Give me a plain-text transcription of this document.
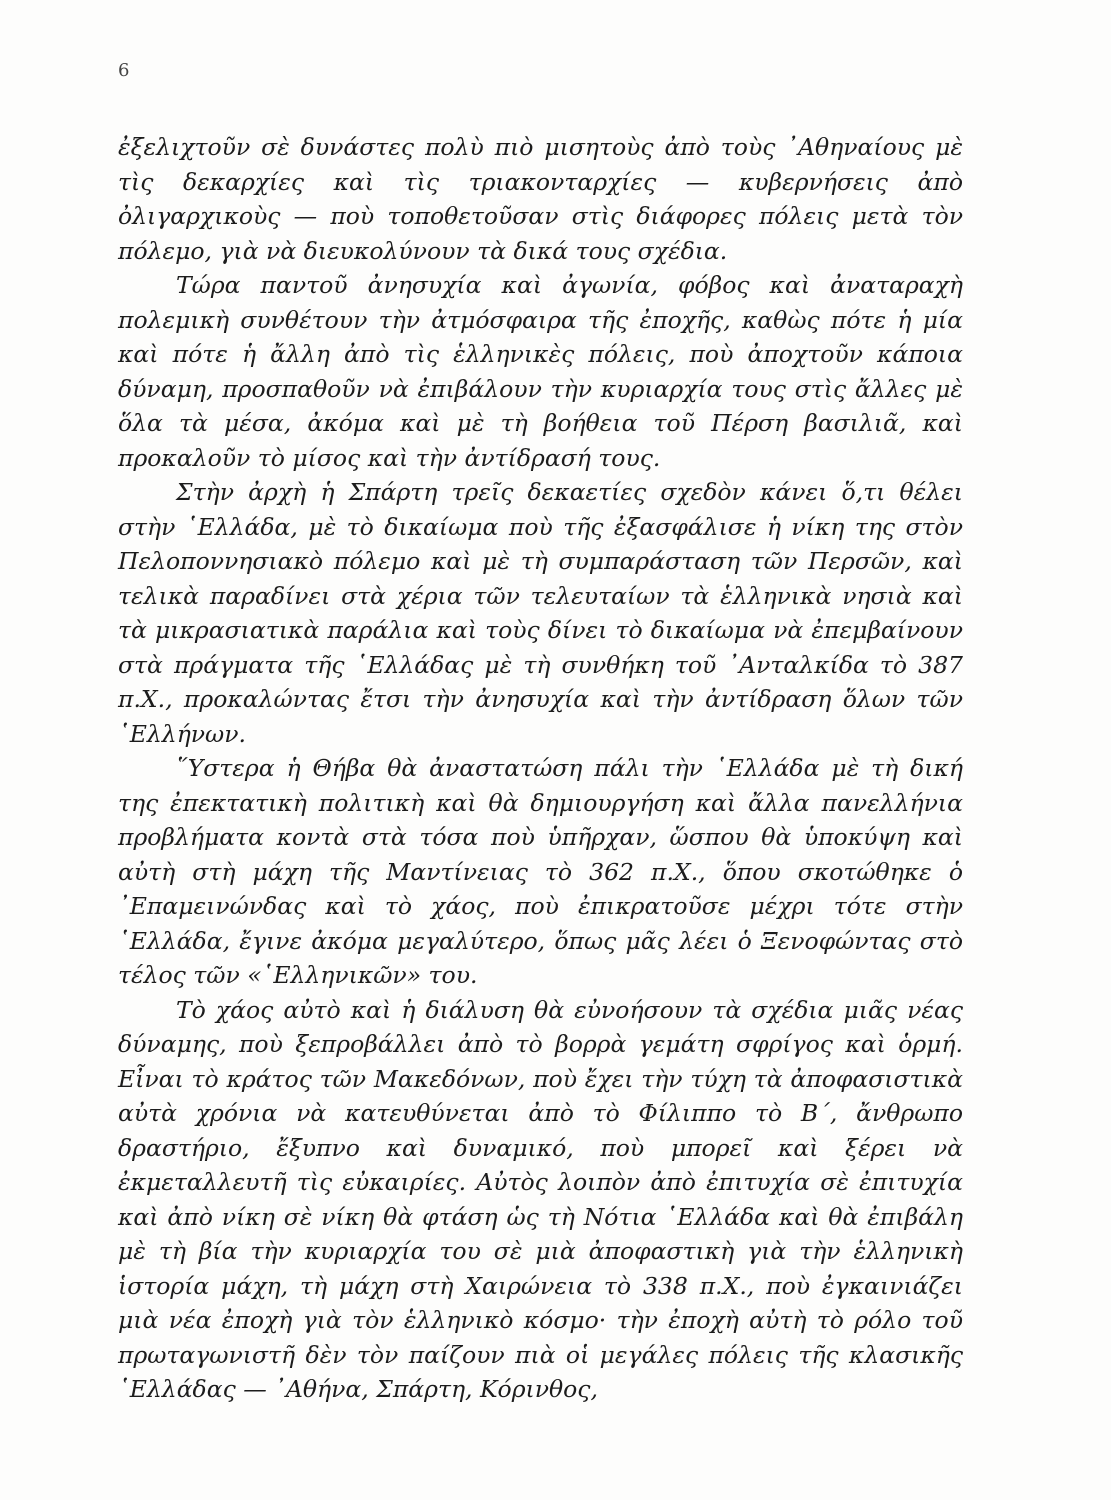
6

ἐξελιχτοῦν σὲ δυνάστες πολὺ πιὸ μισητοὺς ἀπὸ τοὺς ᾿Αθηναίους μὲ τὶς δεκαρχίες καὶ τὶς τριακονταρχίες — κυβερνήσεις ἀπὸ ὀλιγαρχικοὺς — ποὺ τοποθετοῦσαν στὶς διάφορες πόλεις μετὰ τὸν πόλεμο, γιὰ νὰ διευκολύνουν τὰ δικά τους σχέδια.

Τώρα παντοῦ ἀνησυχία καὶ ἀγωνία, φόβος καὶ ἀναταραχὴ πολεμικὴ συνθέτουν τὴν ἀτμόσφαιρα τῆς ἐποχῆς, καθὼς πότε ἡ μία καὶ πότε ἡ ἄλλη ἀπὸ τὶς ἑλληνικὲς πόλεις, ποὺ ἀποχτοῦν κάποια δύναμη, προσπαθοῦν νὰ ἐπιβάλουν τὴν κυριαρχία τους στὶς ἄλλες μὲ ὅλα τὰ μέσα, ἀκόμα καὶ μὲ τὴ βοήθεια τοῦ Πέρση βασιλιᾶ, καὶ προκαλοῦν τὸ μίσος καὶ τὴν ἀντίδρασή τους.

Στὴν ἀρχὴ ἡ Σπάρτη τρεῖς δεκαετίες σχεδὸν κάνει ὅ,τι θέλει στὴν ῾Ελλάδα, μὲ τὸ δικαίωμα ποὺ τῆς ἐξασφάλισε ἡ νίκη της στὸν Πελοποννησιακὸ πόλεμο καὶ μὲ τὴ συμπαράσταση τῶν Περσῶν, καὶ τελικὰ παραδίνει στὰ χέρια τῶν τελευταίων τὰ ἑλληνικὰ νησιὰ καὶ τὰ μικρασιατικὰ παράλια καὶ τοὺς δίνει τὸ δικαίωμα νὰ ἐπεμβαίνουν στὰ πράγματα τῆς ῾Ελλάδας μὲ τὴ συνθήκη τοῦ ᾿Ανταλκίδα τὸ 387 π.Χ., προκαλώντας ἔτσι τὴν ἀνησυχία καὶ τὴν ἀντίδραση ὅλων τῶν ῾Ελλήνων.

῞Υστερα ἡ Θήβα θὰ ἀναστατώση πάλι τὴν ῾Ελλάδα μὲ τὴ δική της ἐπεκτατικὴ πολιτικὴ καὶ θὰ δημιουργήση καὶ ἄλλα πανελλήνια προβλήματα κοντὰ στὰ τόσα ποὺ ὑπῆρχαν, ὥσπου θὰ ὑποκύψη καὶ αὐτὴ στὴ μάχη τῆς Μαντίνειας τὸ 362 π.Χ., ὅπου σκοτώθηκε ὁ ᾿Επαμεινώνδας καὶ τὸ χάος, ποὺ ἐπικρατοῦσε μέχρι τότε στὴν ῾Ελλάδα, ἔγινε ἀκόμα μεγαλύτερο, ὅπως μᾶς λέει ὁ Ξενοφώντας στὸ τέλος τῶν «῾Ελληνικῶν» του.

Τὸ χάος αὐτὸ καὶ ἡ διάλυση θὰ εὐνοήσουν τὰ σχέδια μιᾶς νέας δύναμης, ποὺ ξεπροβάλλει ἀπὸ τὸ βορρὰ γεμάτη σφρίγος καὶ ὁρμή. Εἶναι τὸ κράτος τῶν Μακεδόνων, ποὺ ἔχει τὴν τύχη τὰ ἀποφασιστικὰ αὐτὰ χρόνια νὰ κατευθύνεται ἀπὸ τὸ Φίλιππο τὸ Β΄, ἄνθρωπο δραστήριο, ἔξυπνο καὶ δυναμικό, ποὺ μπορεῖ καὶ ξέρει νὰ ἐκμεταλλευτῆ τὶς εὐκαιρίες. Αὐτὸς λοιπὸν ἀπὸ ἐπιτυχία σὲ ἐπιτυχία καὶ ἀπὸ νίκη σὲ νίκη θὰ φτάση ὡς τὴ Νότια ῾Ελλάδα καὶ θὰ ἐπιβάλη μὲ τὴ βία τὴν κυριαρχία του σὲ μιὰ ἀποφαστικὴ γιὰ τὴν ἑλληνικὴ ἱστορία μάχη, τὴ μάχη στὴ Χαιρώνεια τὸ 338 π.Χ., ποὺ ἐγκαινιάζει μιὰ νέα ἐποχὴ γιὰ τὸν ἑλληνικὸ κόσμο· τὴν ἐποχὴ αὐτὴ τὸ ρόλο τοῦ πρωταγωνιστῆ δὲν τὸν παίζουν πιὰ οἱ μεγάλες πόλεις τῆς κλασικῆς ῾Ελλάδας — ᾿Αθήνα, Σπάρτη, Κόρινθος,
